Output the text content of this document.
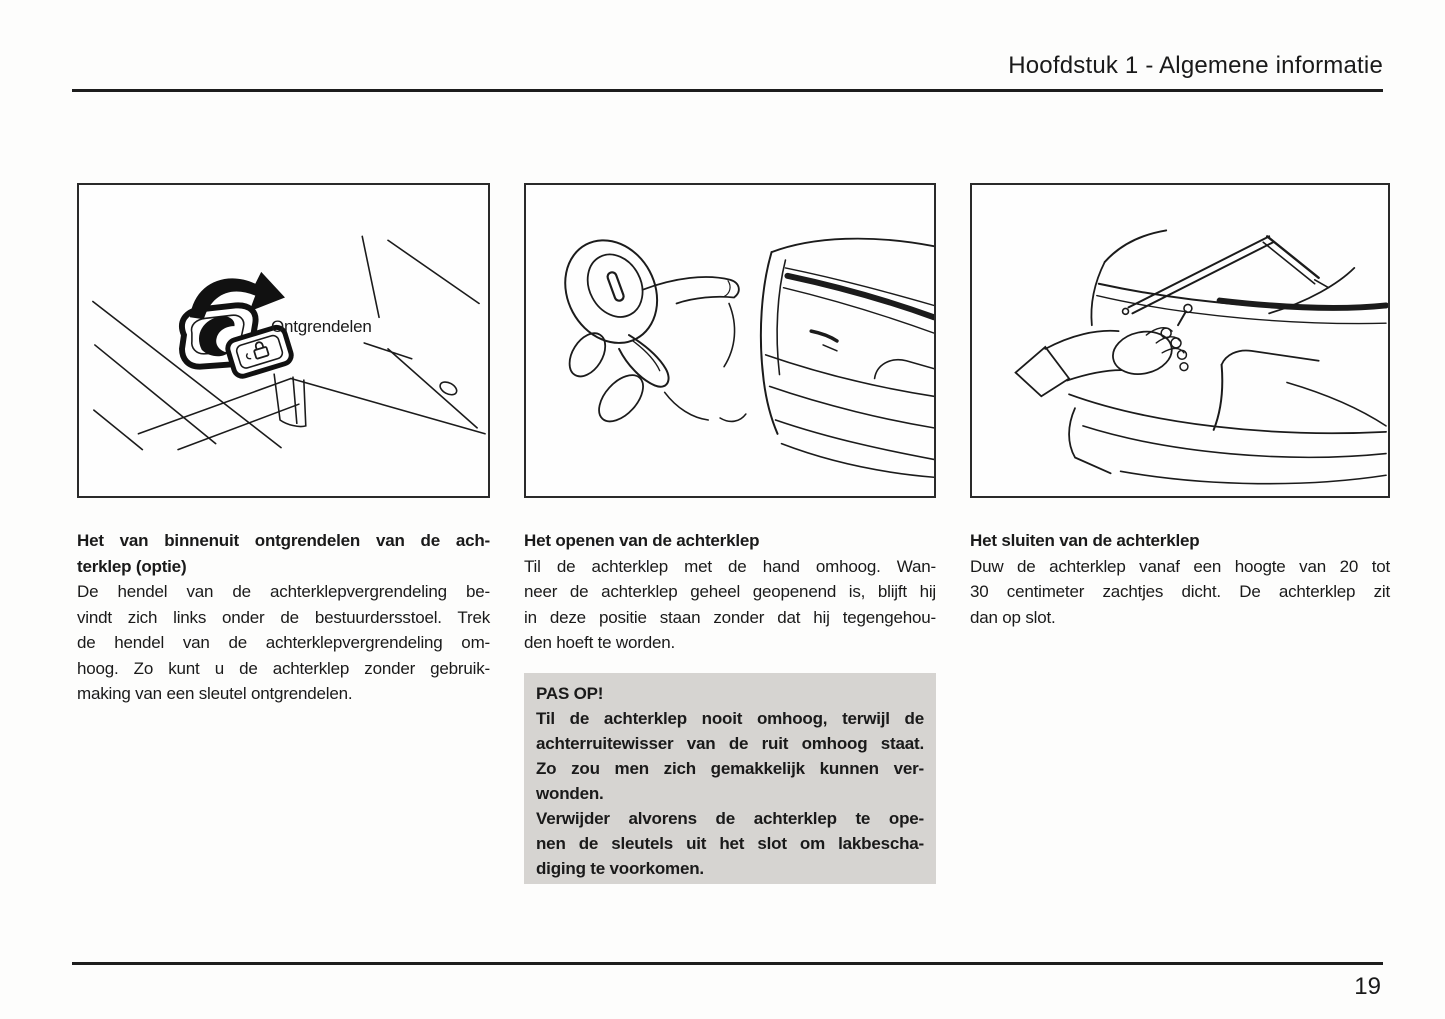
Hoofdstuk 1 - Algemene informatie
Ontgrendelen
Het van binnenuit ontgrendelen van de ach-
terklep (optie)
De hendel van de achterklepvergrendeling be-
vindt zich links onder de bestuurdersstoel. Trek
de hendel van de achterklepvergrendeling om-
hoog. Zo kunt u de achterklep zonder gebruik-
making van een sleutel ontgrendelen.
Het openen van de achterklep
Til de achterklep met de hand omhoog. Wan-
neer de achterklep geheel geopenend is, blijft hij
in deze positie staan zonder dat hij tegengehou-
den hoeft te worden.
PAS OP!
Til de achterklep nooit omhoog, terwijl de
achterruitewisser van de ruit omhoog staat.
Zo zou men zich gemakkelijk kunnen ver-
wonden.
Verwijder alvorens de achterklep te ope-
nen de sleutels uit het slot om lakbescha-
diging te voorkomen.
Het sluiten van de achterklep
Duw de achterklep vanaf een hoogte van 20 tot
30 centimeter zachtjes dicht. De achterklep zit
dan op slot.
19
